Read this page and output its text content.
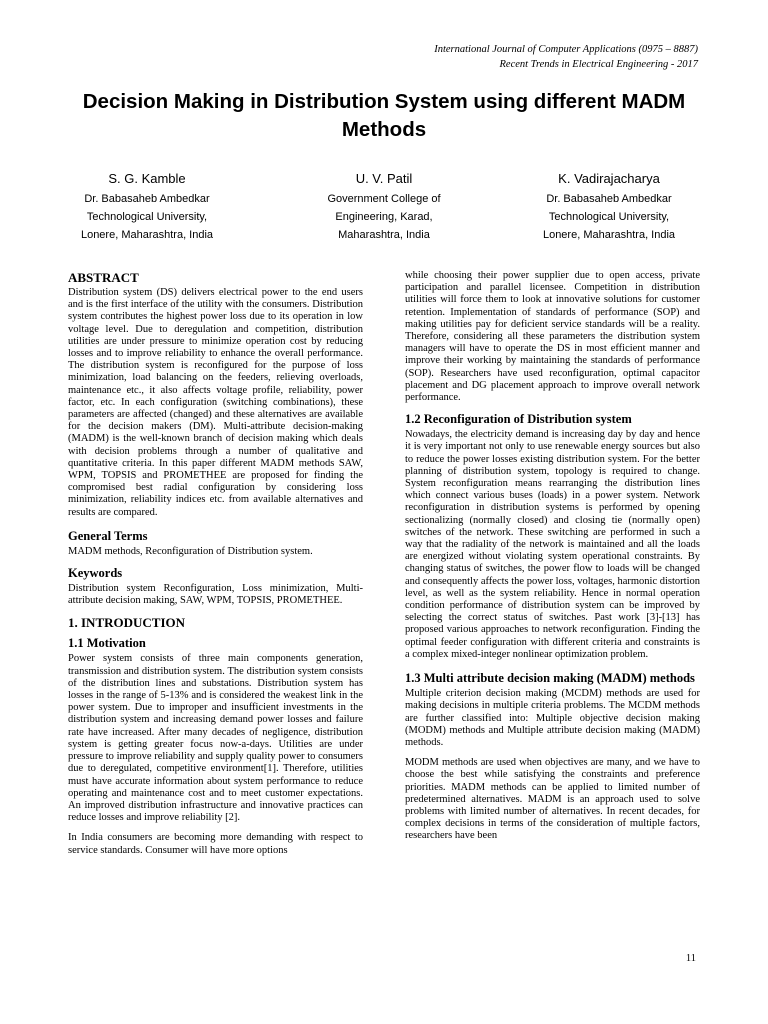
International Journal of Computer Applications (0975 – 8887)
Recent Trends in Electrical Engineering - 2017
Decision Making in Distribution System using different MADM Methods
S. G. Kamble
Dr. Babasaheb Ambedkar
Technological University,
Lonere, Maharashtra, India
U. V. Patil
Government College of
Engineering, Karad,
Maharashtra, India
K. Vadirajacharya
Dr. Babasaheb Ambedkar
Technological University,
Lonere, Maharashtra, India
ABSTRACT

Distribution system (DS) delivers electrical power to the end users and is the first interface of the utility with the consumers. Distribution system contributes the highest power loss due to its operation in low voltage level. Due to deregulation and competition, distribution utilities are under pressure to minimize operation cost by reducing losses and to improve reliability to enhance the overall performance. The distribution system is reconfigured for the purpose of loss minimization, load balancing on the feeders, relieving overloads, maintenance etc., it also affects voltage profile, reliability, power factor, etc. In each configuration (switching combinations), these parameters are affected (changed) and these alternatives are available for the decision makers (DM). Multi-attribute decision-making (MADM) is the well-known branch of decision making which deals with decision problems through a number of qualitative and quantitative criteria. In this paper different MADM methods SAW, WPM, TOPSIS and PROMETHEE are proposed for finding the compromised best radial configuration by considering loss minimization, reliability indices etc. from available alternatives and results are compared.

General Terms

MADM methods, Reconfiguration of Distribution system.

Keywords

Distribution system Reconfiguration, Loss minimization, Multi-attribute decision making, SAW, WPM, TOPSIS, PROMETHEE.

1. INTRODUCTION
1.1 Motivation

Power system consists of three main components generation, transmission and distribution system. The distribution system consists of the distribution lines and substations. Distribution system has losses in the range of 5-13% and is considered the weakest link in the power system. Due to improper and insufficient investments in the distribution system and increasing demand power losses and failure rate have increased. After many decades of negligence, distribution system is getting greater focus now-a-days. Utilities are under pressure to improve reliability and supply quality power to consumers due to deregulated, competitive environment[1]. Therefore, utilities must have accurate information about system performance to reduce operating and maintenance cost and to meet customer expectations. An improved distribution infrastructure and innovative practices can reduce losses and improve reliability [2].

In India consumers are becoming more demanding with respect to service standards. Consumer will have more options

while choosing their power supplier due to open access, private participation and parallel licensee. Competition in distribution utilities will force them to look at innovative solutions for customer retention. Implementation of standards of performance (SOP) and making utilities pay for deficient service standards will be a reality. Therefore, considering all these parameters the distribution system managers will have to operate the DS in most efficient manner and improve their working by maintaining the standards of performance (SOP). Researchers have used reconfiguration, optimal capacitor placement and DG placement approach to improve overall network performance.

1.2 Reconfiguration of Distribution system

Nowadays, the electricity demand is increasing day by day and hence it is very important not only to use renewable energy sources but also to reduce the power losses existing distribution system. For the better planning of distribution system, topology is required to change. System reconfiguration means rearranging the distribution lines which connect various buses (loads) in a power system. Network reconfiguration in distribution systems is performed by opening sectionalizing (normally closed) and closing tie (normally open) switches of the network. These switching are performed in such a way that the radiality of the network is maintained and all the loads are energized without violating system operational constraints. By changing status of switches, the power flow to loads will be changed and consequently affects the power loss, voltages, harmonic distortion level, as well as the system reliability. Hence in normal operation condition performance of distribution system can be improved by selecting the correct status of switches. Past work [3]-[13] has proposed various approaches to network reconfiguration. Finding the optimal feeder configuration with different criteria and constraints is a complex mixed-integer nonlinear optimization problem.

1.3 Multi attribute decision making (MADM) methods

Multiple criterion decision making (MCDM) methods are used for making decisions in multiple criteria problems. The MCDM methods are further classified into: Multiple objective decision making (MODM) methods and Multiple attribute decision making (MADM) methods.

MODM methods are used when objectives are many, and we have to choose the best while satisfying the constraints and preference priorities. MADM methods can be applied to limited number of predetermined alternatives. MADM is an approach used to solve problems with limited number of alternatives. In recent decades, for complex decisions in terms of the consideration of multiple factors, researchers have been

11
